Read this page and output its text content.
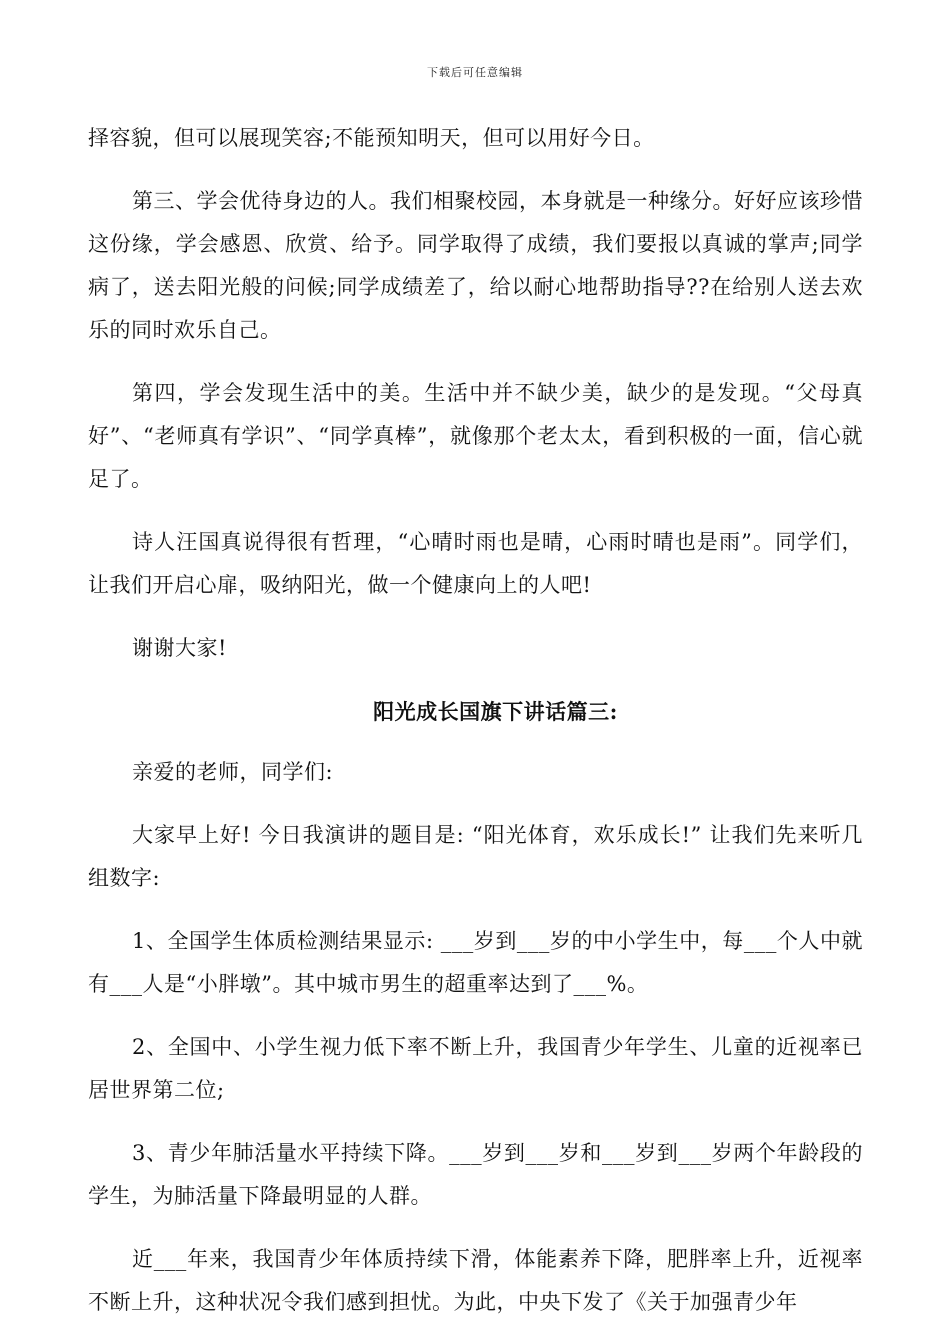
下载后可任意编辑

择容貌，但可以展现笑容;不能预知明天，但可以用好今日。

第三、学会优待身边的人。我们相聚校园，本身就是一种缘分。好好应该珍惜这份缘，学会感恩、欣赏、给予。同学取得了成绩，我们要报以真诚的掌声;同学病了，送去阳光般的问候;同学成绩差了，给以耐心地帮助指导??在给别人送去欢乐的同时欢乐自己。

第四，学会发现生活中的美。生活中并不缺少美，缺少的是发现。“父母真好”、“老师真有学识”、“同学真棒”，就像那个老太太，看到积极的一面，信心就足了。

诗人汪国真说得很有哲理，“心晴时雨也是晴，心雨时晴也是雨”。同学们，让我们开启心扉，吸纳阳光，做一个健康向上的人吧!

谢谢大家!

阳光成长国旗下讲话篇三:

亲爱的老师，同学们:

大家早上好! 今日我演讲的题目是: “阳光体育，欢乐成长!” 让我们先来听几组数字:

1、全国学生体质检测结果显示: ___岁到___岁的中小学生中，每___个人中就有___人是“小胖墩”。其中城市男生的超重率达到了___%。

2、全国中、小学生视力低下率不断上升，我国青少年学生、儿童的近视率已居世界第二位;

3、青少年肺活量水平持续下降。___岁到___岁和___岁到___岁两个年龄段的学生，为肺活量下降最明显的人群。

近___年来，我国青少年体质持续下滑，体能素养下降，肥胖率上升，近视率不断上升，这种状况令我们感到担忧。为此，中央下发了《关于加强青少年
